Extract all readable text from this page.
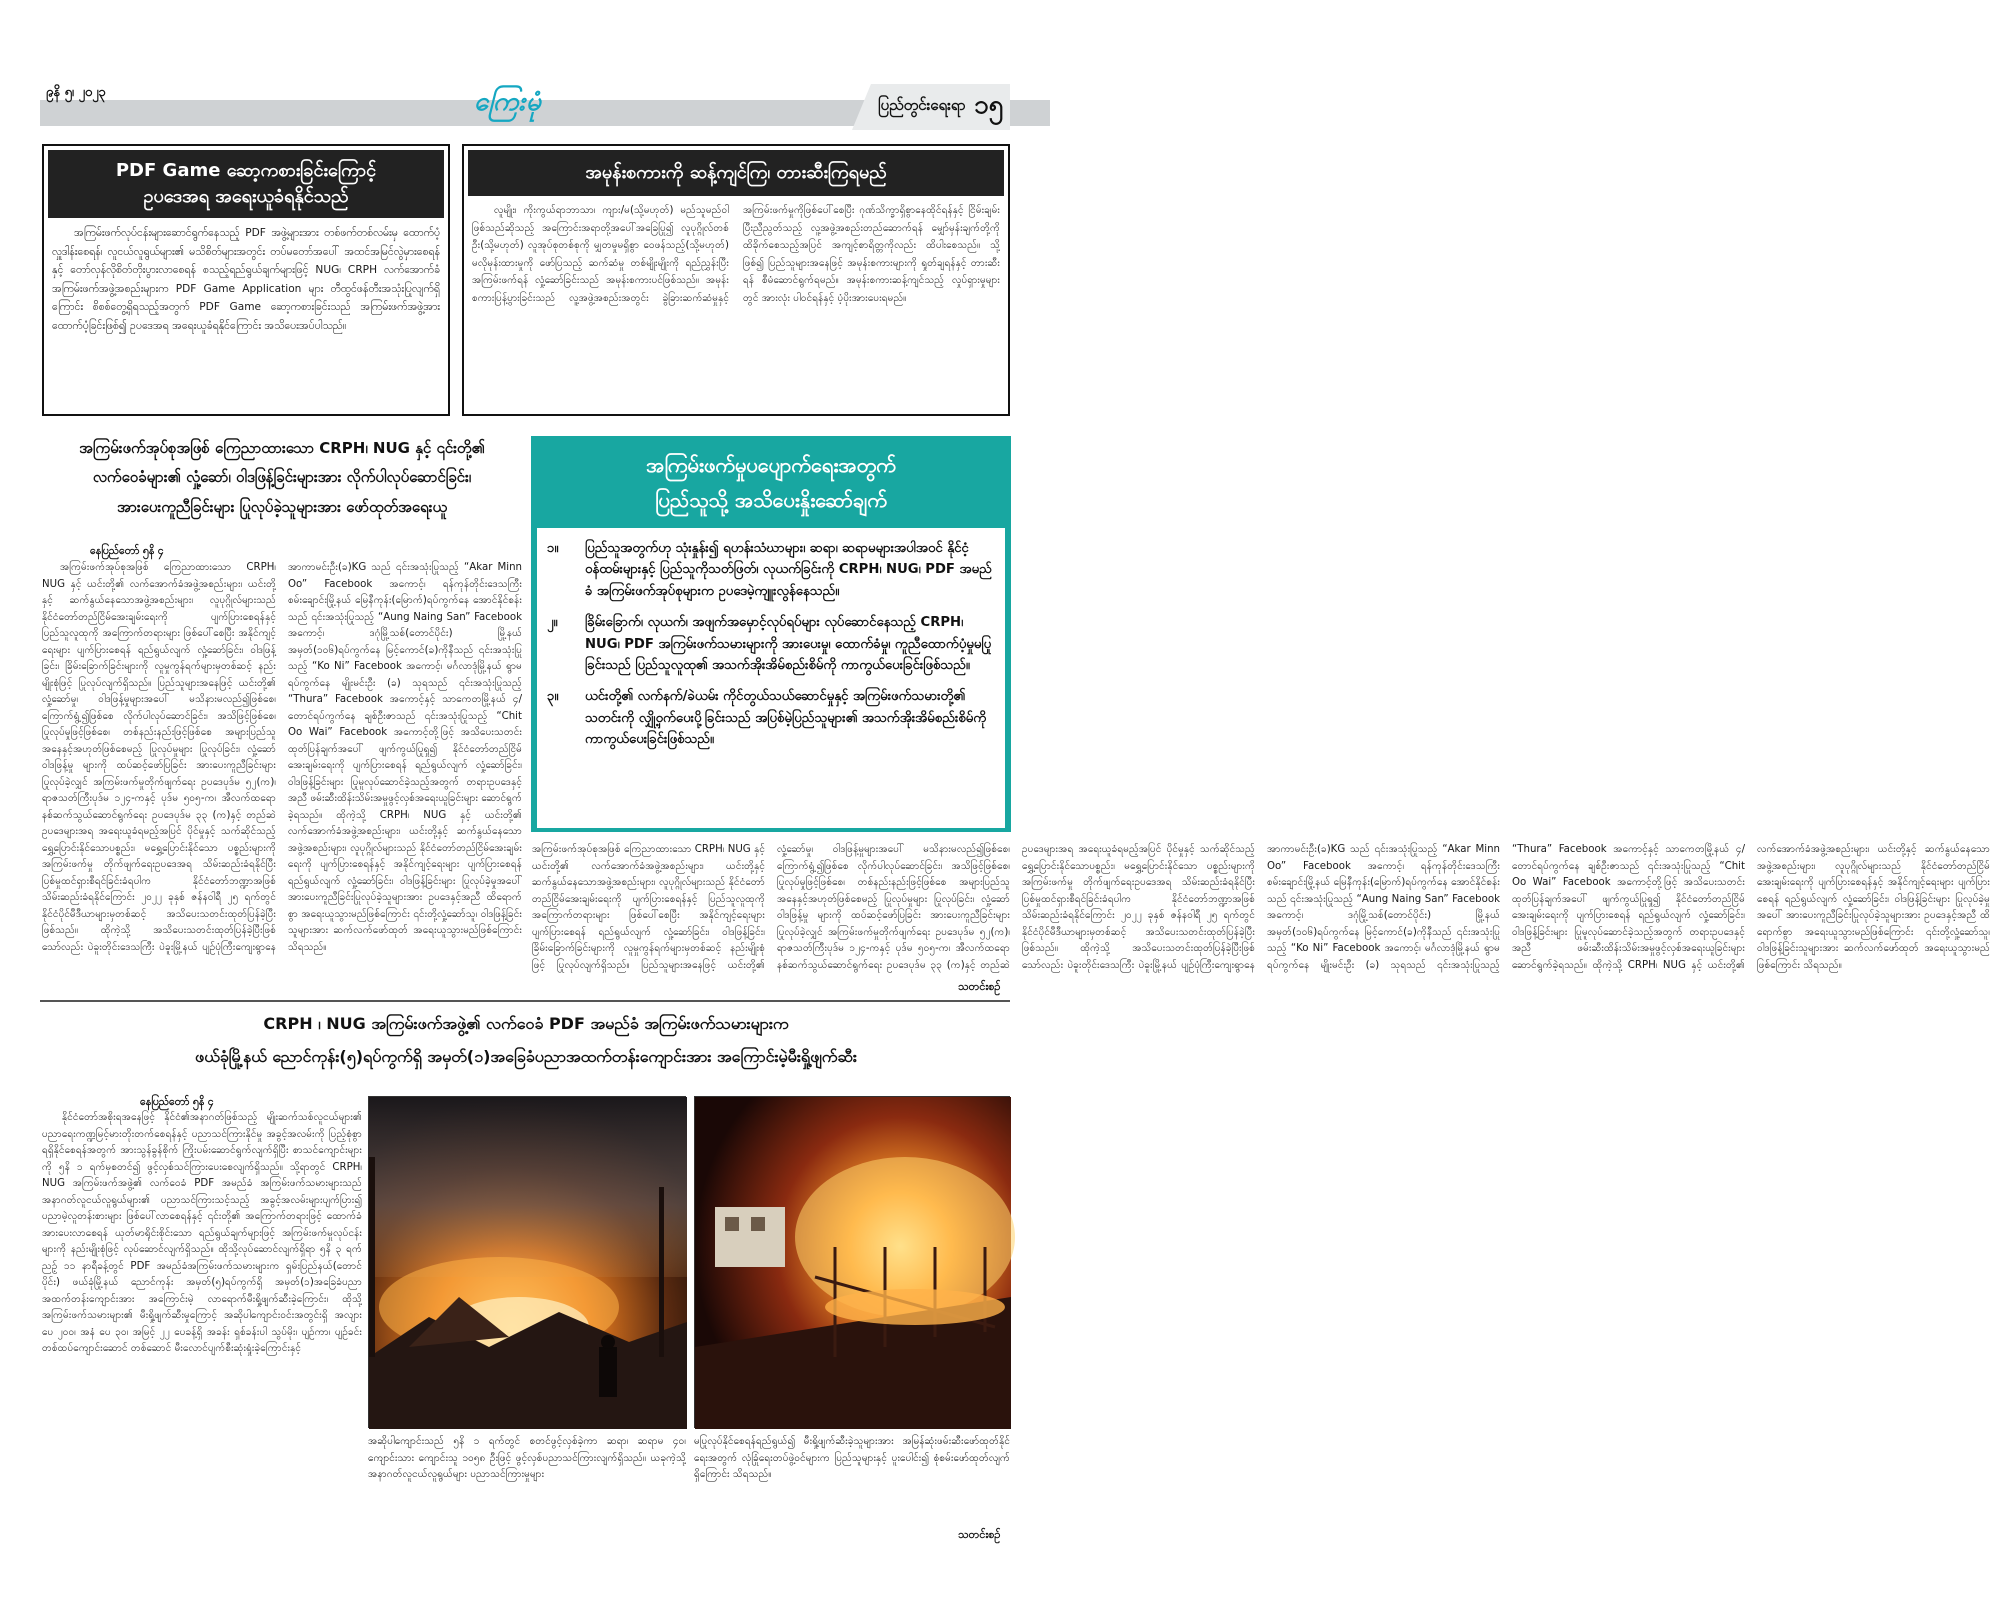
၉နိ ၅၊ ၂၀၂၃	ကြေးမုံ	ပြည်တွင်းရေးရာ ၁၅
PDF Game ဆော့ကစားခြင်းကြောင့်
ဥပဒေအရ အရေးယူခံရနိုင်သည်

အကြမ်းဖက်လုပ်ငန်းများဆောင်ရွက်နေသည့် PDF အဖွဲ့များအား တစ်ဖက်တစ်လမ်းမှ ထောက်ပံ့လှူဒါန်းစေရန်၊ လူငယ်လူရွယ်များ၏ မသိစိတ်များအတွင်း တပ်မတော်အပေါ် အထင်အမြင်လွဲမှားစေရန်နှင့် တော်လှန်လိုစိတ်တိုးပွားလာစေရန် စသည့်ရည်ရွယ်ချက်များဖြင့် NUG၊ CRPH လက်အောက်ခံ အကြမ်းဖက်အဖွဲ့အစည်းများက PDF Game Application များ တီထွင်ဖန်တီးအသုံးပြုလျက်ရှိကြောင်း စိစစ်တွေ့ရှိရသည့်အတွက် PDF Game ဆော့ကစားခြင်းသည် အကြမ်းဖက်အဖွဲ့အား ထောက်ပံ့ခြင်းဖြစ်၍ ဥပဒေအရ အရေးယူခံရနိုင်ကြောင်း အသိပေးအပ်ပါသည်။

အမုန်းစကားကို ဆန့်ကျင်ကြ၊ တားဆီးကြရမည်

လူမျိုး၊ ကိုးကွယ်ရာဘာသာ၊ ကျား/မ(သို့မဟုတ်) မည်သူမည်ဝါဖြစ်သည်ဆိုသည့် အကြောင်းအရာတို့အပေါ်အခြေပြု၍ လူပုဂ္ဂိုလ်တစ်ဦး(သို့မဟုတ်) လူအုပ်စုတစ်စုကို မျှတမှုမရှိစွာ ဝေဖန်သည့်(သို့မဟုတ်) မလိုမုန်းထားမှုကို ဖော်ပြသည့် ဆက်ဆံမှု တစ်မျိုးမျိုးကို ရည်ညွှန်းပြီး အကြမ်းဖက်ရန် လှုံ့ဆော်ခြင်းသည် အမုန်းစကားပင်ဖြစ်သည်။ အမုန်းစကားပြန့်ပွားခြင်းသည် လူ့အဖွဲ့အစည်းအတွင်း ခွဲခြားဆက်ဆံမှုနှင့် အကြမ်းဖက်မှုကိုဖြစ်ပေါ်စေပြီး ဂုဏ်သိက္ခာရှိစွာနေထိုင်ရန်နှင့် ငြိမ်းချမ်းပြီးညီညွတ်သည့် လူ့အဖွဲ့အစည်းတည်ဆောက်ရန် မျှော်မှန်းချက်တို့ကို ထိခိုက်စေသည့်အပြင် အကျင့်စာရိတ္တကိုလည်း ထိပါးစေသည်။ သို့ဖြစ်၍ ပြည်သူများအနေဖြင့် အမုန်းစကားများကို ရှုတ်ချရန်နှင့် တားဆီးရန် စီမံဆောင်ရွက်ရမည်။ အမုန်းစကားဆန့်ကျင်သည့် လှုပ်ရှားမှုများတွင် အားလုံး ပါဝင်ရန်နှင့် ပံ့ပိုးအားပေးရမည်။

အကြမ်းဖက်အုပ်စုအဖြစ် ကြေညာထားသော CRPH၊ NUG နှင့် ၎င်းတို့၏
လက်ဝေခံများ၏ လှုံ့ဆော်၊ ဝါဒဖြန့်ခြင်းများအား လိုက်ပါလုပ်ဆောင်ခြင်း၊
အားပေးကူညီခြင်းများ ပြုလုပ်ခဲ့သူများအား ဖော်ထုတ်အရေးယူ
နေပြည်တော် ၅နိ ၄

အကြမ်းဖက်အုပ်စုအဖြစ် ကြေညာထားသော CRPH၊ NUG နှင့် ယင်းတို့၏ လက်အောက်ခံအဖွဲ့အစည်းများ၊ ယင်းတို့နှင့် ဆက်နွယ်နေသောအဖွဲ့အစည်းများ၊ လူပုဂ္ဂိုလ်များသည် နိုင်ငံတော်တည်ငြိမ်အေးချမ်းရေးကို ပျက်ပြားစေရန်နှင့် ပြည်သူလူထုကို အကြောက်တရားများ ဖြစ်ပေါ်စေပြီး အနိုင်ကျင့်ရေးများ ပျက်ပြားစေရန် ရည်ရွယ်လျက် လှုံ့ဆော်ခြင်း၊ ဝါဒဖြန့်ခြင်း၊ ခြိမ်းခြောက်ခြင်းများကို လူမှုကွန်ရက်များမှတစ်ဆင့် နည်းမျိုးစုံဖြင့် ပြုလုပ်လျက်ရှိသည်။ ပြည်သူများအနေဖြင့် ယင်းတို့၏ လှုံ့ဆော်မှု၊ ဝါဒဖြန့်မှုများအပေါ် မသိနားမလည်၍ဖြစ်စေ၊ ကြောက်ရွံ့၍ဖြစ်စေ လိုက်ပါလုပ်ဆောင်ခြင်း၊ အသိဖြင့်ဖြစ်စေ၊ ပြုလုပ်မှုဖြင့်ဖြစ်စေ၊ တစ်နည်းနည်းဖြင့်ဖြစ်စေ အများပြည်သူအနေနှင့်အဟုတ်ဖြစ်စေမည့် ပြုလုပ်မှုများ ပြုလုပ်ခြင်း၊ လှုံ့ဆော်ဝါဒဖြန့်မှု များကို ထပ်ဆင့်ဖော်ပြခြင်း အားပေးကူညီခြင်းများ ပြုလုပ်ခဲ့လျှင် အကြမ်းဖက်မှုတိုက်ဖျက်ရေး ဥပဒေပုဒ်မ ၅၂(က)၊ ရာဇသတ်ကြီးပုဒ်မ ၁၂၄-ကနှင့် ပုဒ်မ ၅၀၅-က၊ အီလက်ထရောနစ်ဆက်သွယ်ဆောင်ရွက်ရေး ဥပဒေပုဒ်မ ၃၃ (က)နှင့် တည်ဆဲဥပဒေများအရ အရေးယူခံရမည့်အပြင် ပိုင်မှုနှင့် သက်ဆိုင်သည့် ရွှေ့ပြောင်းနိုင်သောပစ္စည်း၊ မရွှေ့ပြောင်းနိုင်သော ပစ္စည်းများကို အကြမ်းဖက်မှု တိုက်ဖျက်ရေးဥပဒေအရ သိမ်းဆည်းခံရနိုင်ပြီး ပြစ်မှုထင်ရှားစီရင်ခြင်းခံရပါက နိုင်ငံတော်ဘဏ္ဍာအဖြစ် သိမ်းဆည်းခံရနိုင်ကြောင်း ၂၀၂၂ ခုနှစ် ဇန်နဝါရီ ၂၅ ရက်တွင် နိုင်ငံပိုင်မီဒီယာများမှတစ်ဆင့် အသိပေးသတင်းထုတ်ပြန်ခဲ့ပြီးဖြစ်သည်။ ထိုကဲ့သို့ အသိပေးသတင်းထုတ်ပြန်ခဲ့ပြီးဖြစ်သော်လည်း ပဲခူးတိုင်းဒေသကြီး ပဲခူးမြို့နယ် ပျဉ်ပုံကြီးကျေးရွာနေ အာကာမင်းဦး(ခ)KG သည် ၎င်းအသုံးပြုသည့် “Akar Minn Oo” Facebook အကောင့်၊ ရန်ကုန်တိုင်းဒေသကြီး စမ်းချောင်းမြို့နယ် မြေနီကုန်း(မြောက်)ရပ်ကွက်နေ အောင်နိုင်စန်းသည် ၎င်းအသုံးပြုသည့် “Aung Naing San” Facebook အကောင့်၊ ဒဂုံမြို့သစ်(တောင်ပိုင်း) မြို့နယ် အမှတ်(၁၀၆)ရပ်ကွက်နေ မြင့်ကောင်(ခ)ကိုနီသည် ၎င်းအသုံးပြုသည့် “Ko Ni” Facebook အကောင့်၊ မင်္ဂလာဒုံမြို့နယ် ရွာမရပ်ကွက်နေ မျိုးမင်းဦး (ခ) သုရသည် ၎င်းအသုံးပြုသည့် “Thura” Facebook အကောင့်နှင့် သာကေတမြို့နယ် ၄/တောင်ရပ်ကွက်နေ ချစ်ဦးဇာသည် ၎င်းအသုံးပြုသည့် “Chit Oo Wai” Facebook အကောင့်တို့ဖြင့် အသိပေးသတင်းထုတ်ပြန်ချက်အပေါ် ဖျက်ကွယ်ပြုရှု၍ နိုင်ငံတော်တည်ငြိမ်အေးချမ်းရေးကို ပျက်ပြားစေရန် ရည်ရွယ်လျက် လှုံ့ဆော်ခြင်း၊ ဝါဒဖြန့်ခြင်းများ ပြုမူလုပ်ဆောင်ခဲ့သည့်အတွက် တရားဥပဒေနှင့်အညီ ဖမ်းဆီးထိန်းသိမ်းအမှုဖွင့်လှစ်အရေးယူခြင်းများ ဆောင်ရွက်ခဲ့ရသည်။ ထိုကဲ့သို့ CRPH၊ NUG နှင့် ယင်းတို့၏ လက်အောက်ခံအဖွဲ့အစည်းများ၊ ယင်းတို့နှင့် ဆက်နွယ်နေသောအဖွဲ့အစည်းများ၊ လူပုဂ္ဂိုလ်များသည် နိုင်ငံတော်တည်ငြိမ်အေးချမ်းရေးကို ပျက်ပြားစေရန်နှင့် အနိုင်ကျင့်ရေးများ ပျက်ပြားစေရန် ရည်ရွယ်လျက် လှုံ့ဆော်ခြင်း၊ ဝါဒဖြန့်ခြင်းများ ပြုလုပ်ခဲ့မှုအပေါ် အားပေးကူညီခြင်းပြုလုပ်ခဲ့သူများအား ဥပဒေနှင့်အညီ ထိရောက်စွာ အရေးယူသွားမည်ဖြစ်ကြောင်း ၎င်းတို့လှုံ့ဆော်သူ၊ ဝါဒဖြန့်ခြင်းသူများအား ဆက်လက်ဖော်ထုတ် အရေးယူသွားမည်ဖြစ်ကြောင်း သိရသည်။

အကြမ်းဖက်အုပ်စုအဖြစ် ကြေညာထားသော CRPH၊ NUG နှင့် ယင်းတို့၏ လက်အောက်ခံအဖွဲ့အစည်းများ၊ ယင်းတို့နှင့် ဆက်နွယ်နေသောအဖွဲ့အစည်းများ၊ လူပုဂ္ဂိုလ်များသည် နိုင်ငံတော်တည်ငြိမ်အေးချမ်းရေးကို ပျက်ပြားစေရန်နှင့် ပြည်သူလူထုကို အကြောက်တရားများ ဖြစ်ပေါ်စေပြီး အနိုင်ကျင့်ရေးများ ပျက်ပြားစေရန် ရည်ရွယ်လျက် လှုံ့ဆော်ခြင်း၊ ဝါဒဖြန့်ခြင်း၊ ခြိမ်းခြောက်ခြင်းများကို လူမှုကွန်ရက်များမှတစ်ဆင့် နည်းမျိုးစုံဖြင့် ပြုလုပ်လျက်ရှိသည်။ ပြည်သူများအနေဖြင့် ယင်းတို့၏ လှုံ့ဆော်မှု၊ ဝါဒဖြန့်မှုများအပေါ် မသိနားမလည်၍ဖြစ်စေ၊ ကြောက်ရွံ့၍ဖြစ်စေ လိုက်ပါလုပ်ဆောင်ခြင်း၊ အသိဖြင့်ဖြစ်စေ၊ ပြုလုပ်မှုဖြင့်ဖြစ်စေ၊ တစ်နည်းနည်းဖြင့်ဖြစ်စေ အများပြည်သူအနေနှင့်အဟုတ်ဖြစ်စေမည့် ပြုလုပ်မှုများ ပြုလုပ်ခြင်း၊ လှုံ့ဆော်ဝါဒဖြန့်မှု များကို ထပ်ဆင့်ဖော်ပြခြင်း အားပေးကူညီခြင်းများ ပြုလုပ်ခဲ့လျှင် အကြမ်းဖက်မှုတိုက်ဖျက်ရေး ဥပဒေပုဒ်မ ၅၂(က)၊ ရာဇသတ်ကြီးပုဒ်မ ၁၂၄-ကနှင့် ပုဒ်မ ၅၀၅-က၊ အီလက်ထရောနစ်ဆက်သွယ်ဆောင်ရွက်ရေး ဥပဒေပုဒ်မ ၃၃ (က)နှင့် တည်ဆဲဥပဒေများအရ အရေးယူခံရမည့်အပြင် ပိုင်မှုနှင့် သက်ဆိုင်သည့် ရွှေ့ပြောင်းနိုင်သောပစ္စည်း၊ မရွှေ့ပြောင်းနိုင်သော ပစ္စည်းများကို အကြမ်းဖက်မှု တိုက်ဖျက်ရေးဥပဒေအရ သိမ်းဆည်းခံရနိုင်ပြီး ပြစ်မှုထင်ရှားစီရင်ခြင်းခံရပါက နိုင်ငံတော်ဘဏ္ဍာအဖြစ် သိမ်းဆည်းခံရနိုင်ကြောင်း ၂၀၂၂ ခုနှစ် ဇန်နဝါရီ ၂၅ ရက်တွင် နိုင်ငံပိုင်မီဒီယာများမှတစ်ဆင့် အသိပေးသတင်းထုတ်ပြန်ခဲ့ပြီးဖြစ်သည်။ ထိုကဲ့သို့ အသိပေးသတင်းထုတ်ပြန်ခဲ့ပြီးဖြစ်သော်လည်း ပဲခူးတိုင်းဒေသကြီး ပဲခူးမြို့နယ် ပျဉ်ပုံကြီးကျေးရွာနေ အာကာမင်းဦး(ခ)KG သည် ၎င်းအသုံးပြုသည့် “Akar Minn Oo” Facebook အကောင့်၊ ရန်ကုန်တိုင်းဒေသကြီး စမ်းချောင်းမြို့နယ် မြေနီကုန်း(မြောက်)ရပ်ကွက်နေ အောင်နိုင်စန်းသည် ၎င်းအသုံးပြုသည့် “Aung Naing San” Facebook အကောင့်၊ ဒဂုံမြို့သစ်(တောင်ပိုင်း) မြို့နယ် အမှတ်(၁၀၆)ရပ်ကွက်နေ မြင့်ကောင်(ခ)ကိုနီသည် ၎င်းအသုံးပြုသည့် “Ko Ni” Facebook အကောင့်၊ မင်္ဂလာဒုံမြို့နယ် ရွာမရပ်ကွက်နေ မျိုးမင်းဦး (ခ) သုရသည် ၎င်းအသုံးပြုသည့် “Thura” Facebook အကောင့်နှင့် သာကေတမြို့နယ် ၄/တောင်ရပ်ကွက်နေ ချစ်ဦးဇာသည် ၎င်းအသုံးပြုသည့် “Chit Oo Wai” Facebook အကောင့်တို့ဖြင့် အသိပေးသတင်းထုတ်ပြန်ချက်အပေါ် ဖျက်ကွယ်ပြုရှု၍ နိုင်ငံတော်တည်ငြိမ်အေးချမ်းရေးကို ပျက်ပြားစေရန် ရည်ရွယ်လျက် လှုံ့ဆော်ခြင်း၊ ဝါဒဖြန့်ခြင်းများ ပြုမူလုပ်ဆောင်ခဲ့သည့်အတွက် တရားဥပဒေနှင့်အညီ ဖမ်းဆီးထိန်းသိမ်းအမှုဖွင့်လှစ်အရေးယူခြင်းများ ဆောင်ရွက်ခဲ့ရသည်။ ထိုကဲ့သို့ CRPH၊ NUG နှင့် ယင်းတို့၏ လက်အောက်ခံအဖွဲ့အစည်းများ၊ ယင်းတို့နှင့် ဆက်နွယ်နေသောအဖွဲ့အစည်းများ၊ လူပုဂ္ဂိုလ်များသည် နိုင်ငံတော်တည်ငြိမ်အေးချမ်းရေးကို ပျက်ပြားစေရန်နှင့် အနိုင်ကျင့်ရေးများ ပျက်ပြားစေရန် ရည်ရွယ်လျက် လှုံ့ဆော်ခြင်း၊ ဝါဒဖြန့်ခြင်းများ ပြုလုပ်ခဲ့မှုအပေါ် အားပေးကူညီခြင်းပြုလုပ်ခဲ့သူများအား ဥပဒေနှင့်အညီ ထိရောက်စွာ အရေးယူသွားမည်ဖြစ်ကြောင်း ၎င်းတို့လှုံ့ဆော်သူ၊ ဝါဒဖြန့်ခြင်းသူများအား ဆက်လက်ဖော်ထုတ် အရေးယူသွားမည်ဖြစ်ကြောင်း သိရသည်။

သတင်းစဉ်
အကြမ်းဖက်မှုပပျောက်ရေးအတွက်
ပြည်သူသို့ အသိပေးနှိုးဆော်ချက်
၁။	ပြည်သူအတွက်ဟု သုံးနှုန်း၍ ရဟန်းသံဃာများ၊ ဆရာ၊ ဆရာမများအပါအဝင် နိုင်ငံ့ဝန်ထမ်းများနှင့် ပြည်သူကိုသတ်ဖြတ်၊ လုယက်ခြင်းကို CRPH၊ NUG၊ PDF အမည်ခံ အကြမ်းဖက်အုပ်စုများက ဥပဒေမဲ့ကျူးလွန်နေသည်။
၂။	ခြိမ်းခြောက်၊ လုယက်၊ အဖျက်အမှောင့်လုပ်ရပ်များ လုပ်ဆောင်နေသည့် CRPH၊ NUG၊ PDF အကြမ်းဖက်သမားများကို အားပေးမှု၊ ထောက်ခံမှု၊ ကူညီထောက်ပံ့မှုမပြုခြင်းသည် ပြည်သူလူထု၏ အသက်အိုးအိမ်စည်းစိမ်ကို ကာကွယ်ပေးခြင်းဖြစ်သည်။
၃။	ယင်းတို့၏ လက်နက်/ခဲယမ်း ကိုင်တွယ်သယ်ဆောင်မှုနှင့် အကြမ်းဖက်သမားတို့၏ သတင်းကို လျှို့ဝှက်ပေးပို့ခြင်းသည် အပြစ်မဲ့ပြည်သူများ၏ အသက်အိုးအိမ်စည်းစိမ်ကို ကာကွယ်ပေးခြင်းဖြစ်သည်။
CRPH ၊ NUG အကြမ်းဖက်အဖွဲ့၏ လက်ဝေခံ PDF အမည်ခံ အကြမ်းဖက်သမားများက
ဖယ်ခုံမြို့နယ် ညောင်ကုန်း(၅)ရပ်ကွက်ရှိ အမှတ်(၁)အခြေခံပညာအထက်တန်းကျောင်းအား အကြောင်းမဲ့မီးရှို့ဖျက်ဆီး
နေပြည်တော် ၅နိ ၄

နိုင်ငံတော်အစိုးရအနေဖြင့် နိုင်ငံ၏အနာဂတ်ဖြစ်သည့် မျိုးဆက်သစ်လူငယ်များ၏ ပညာရေးကဏ္ဍမြင့်မားတိုးတက်စေရန်နှင့် ပညာသင်ကြားနိုင်မှု အခွင့်အလမ်းကို ပြည့်စုံစွာရရှိနိုင်စေရန်အတွက် အားသွန်ခွန်စိုက် ကြိုးပမ်းဆောင်ရွက်လျက်ရှိပြီး စာသင်ကျောင်းများကို ၅နိ ၁ ရက်မှစတင်၍ ဖွင့်လှစ်သင်ကြားပေးစေလျက်ရှိသည်။ သို့ရာတွင် CRPH၊ NUG အကြမ်းဖက်အဖွဲ့၏ လက်ဝေခံ PDF အမည်ခံ အကြမ်းဖက်သမားများသည် အနာဂတ်လူငယ်လူရွယ်များ၏ ပညာသင်ကြားသင့်သည့် အခွင့်အလမ်းများပျက်ပြား၍ ပညာမဲ့လူတန်းစားများ ဖြစ်ပေါ်လာစေရန်နှင့် ၎င်းတို့၏ အကြောက်တရားဖြင့် ထောက်ခံအားပေးလာစေရန် ယုတ်မာရိုင်းစိုင်းသော ရည်ရွယ်ချက်များဖြင့် အကြမ်းဖက်မှုလုပ်ငန်းများကို နည်းမျိုးစုံဖြင့် လုပ်ဆောင်လျက်ရှိသည်။ ထိုသို့လုပ်ဆောင်လျက်ရှိရာ ၅နိ ၃ ရက် ညဉ့် ၁၁ နာရီခန့်တွင် PDF အမည်ခံအကြမ်းဖက်သမားများက ရှမ်းပြည်နယ်(တောင်ပိုင်း) ဖယ်ခုံမြို့နယ် ညောင်ကုန်း အမှတ်(၅)ရပ်ကွက်ရှိ အမှတ်(၁)အခြေခံပညာအထက်တန်းကျောင်းအား အကြောင်းမဲ့ လာရောက်မီးရှို့ဖျက်ဆီးခဲ့ကြောင်း၊ ထိုသို့ အကြမ်းဖက်သမားများ၏ မီးရှို့ဖျက်ဆီးမှုကြောင့် အဆိုပါကျောင်းဝင်းအတွင်းရှိ အလျားပေ ၂၀၀၊ အနံ ပေ ၃၀၊ အမြင့် ၂၂ ပေခန့်ရှိ အခန်း ရှစ်ခန်းပါ သွပ်မိုး၊ ပျဉ်ကာ၊ ပျဉ်ခင်း တစ်ထပ်ကျောင်းဆောင် တစ်ဆောင် မီးလောင်ပျက်စီးဆုံးရှုံးခဲ့ကြောင်းနှင့်

အဆိုပါကျောင်းသည် ၅နိ ၁ ရက်တွင် စတင်ဖွင့်လှစ်ခဲ့ကာ ဆရာ၊ ဆရာမ ၄၀၊ ကျောင်းသား ကျောင်းသူ ၁၀၅၈ ဦးဖြင့် ဖွင့်လှစ်ပညာသင်ကြားလျက်ရှိသည်။ ယခုကဲ့သို့ အနာဂတ်လူငယ်လူရွယ်များ ပညာသင်ကြားမှုများ

မပြုလုပ်နိုင်စေရန်ရည်ရွယ်၍ မီးရှို့ဖျက်ဆီးခဲ့သူများအား အမြန်ဆုံးဖမ်းဆီးဖော်ထုတ်နိုင်ရေးအတွက် လုံခြုံရေးတပ်ဖွဲ့ဝင်များက ပြည်သူများနှင့် ပူးပေါင်း၍ စုံစမ်းဖော်ထုတ်လျက်ရှိကြောင်း သိရသည်။

သတင်းစဉ်
